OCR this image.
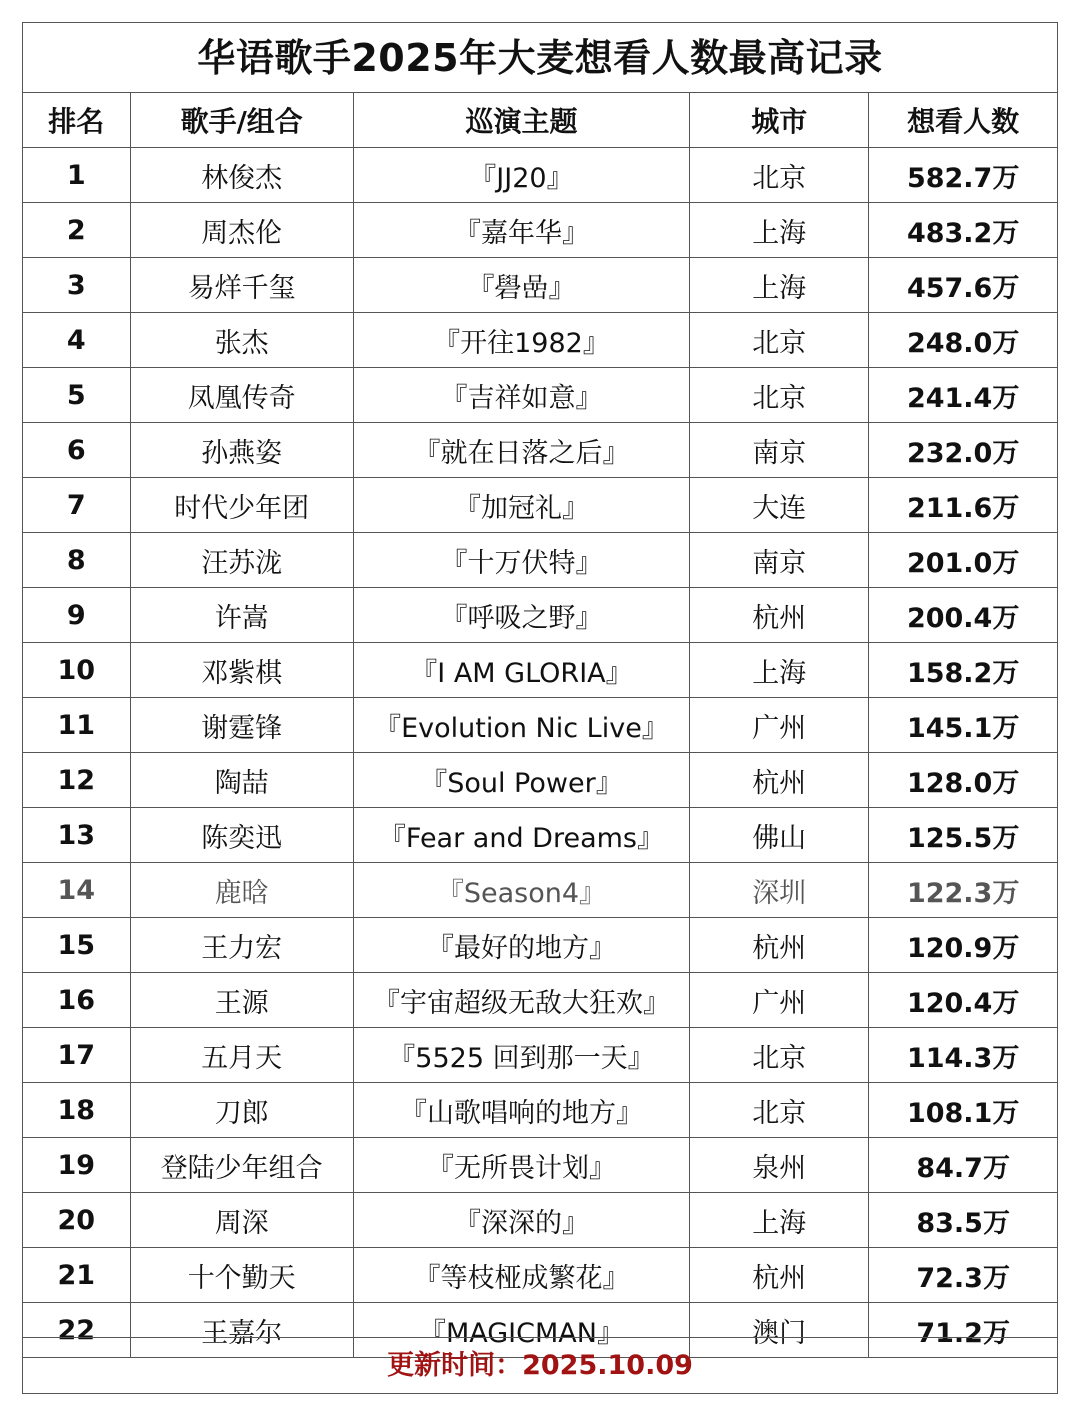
华语歌手2025年大麦想看人数最高记录
排名	歌手/组合	巡演主题	城市	想看人数
1	林俊杰	『JJ20』	北京	582.7万
2	周杰伦	『嘉年华』	上海	483.2万
3	易烊千玺	『礐嵒』	上海	457.6万
4	张杰	『开往1982』	北京	248.0万
5	凤凰传奇	『吉祥如意』	北京	241.4万
6	孙燕姿	『就在日落之后』	南京	232.0万
7	时代少年团	『加冠礼』	大连	211.6万
8	汪苏泷	『十万伏特』	南京	201.0万
9	许嵩	『呼吸之野』	杭州	200.4万
10	邓紫棋	『I AM GLORIA』	上海	158.2万
11	谢霆锋	『Evolution Nic Live』	广州	145.1万
12	陶喆	『Soul Power』	杭州	128.0万
13	陈奕迅	『Fear and Dreams』	佛山	125.5万
14	鹿晗	『Season4』	深圳	122.3万
15	王力宏	『最好的地方』	杭州	120.9万
16	王源	『宇宙超级无敌大狂欢』	广州	120.4万
17	五月天	『5525 回到那一天』	北京	114.3万
18	刀郎	『山歌唱响的地方』	北京	108.1万
19	登陆少年组合	『无所畏计划』	泉州	84.7万
20	周深	『深深的』	上海	83.5万
21	十个勤天	『等枝桠成繁花』	杭州	72.3万
22	王嘉尔	『MAGICMAN』	澳门	71.2万
更新时间：2025.10.09
